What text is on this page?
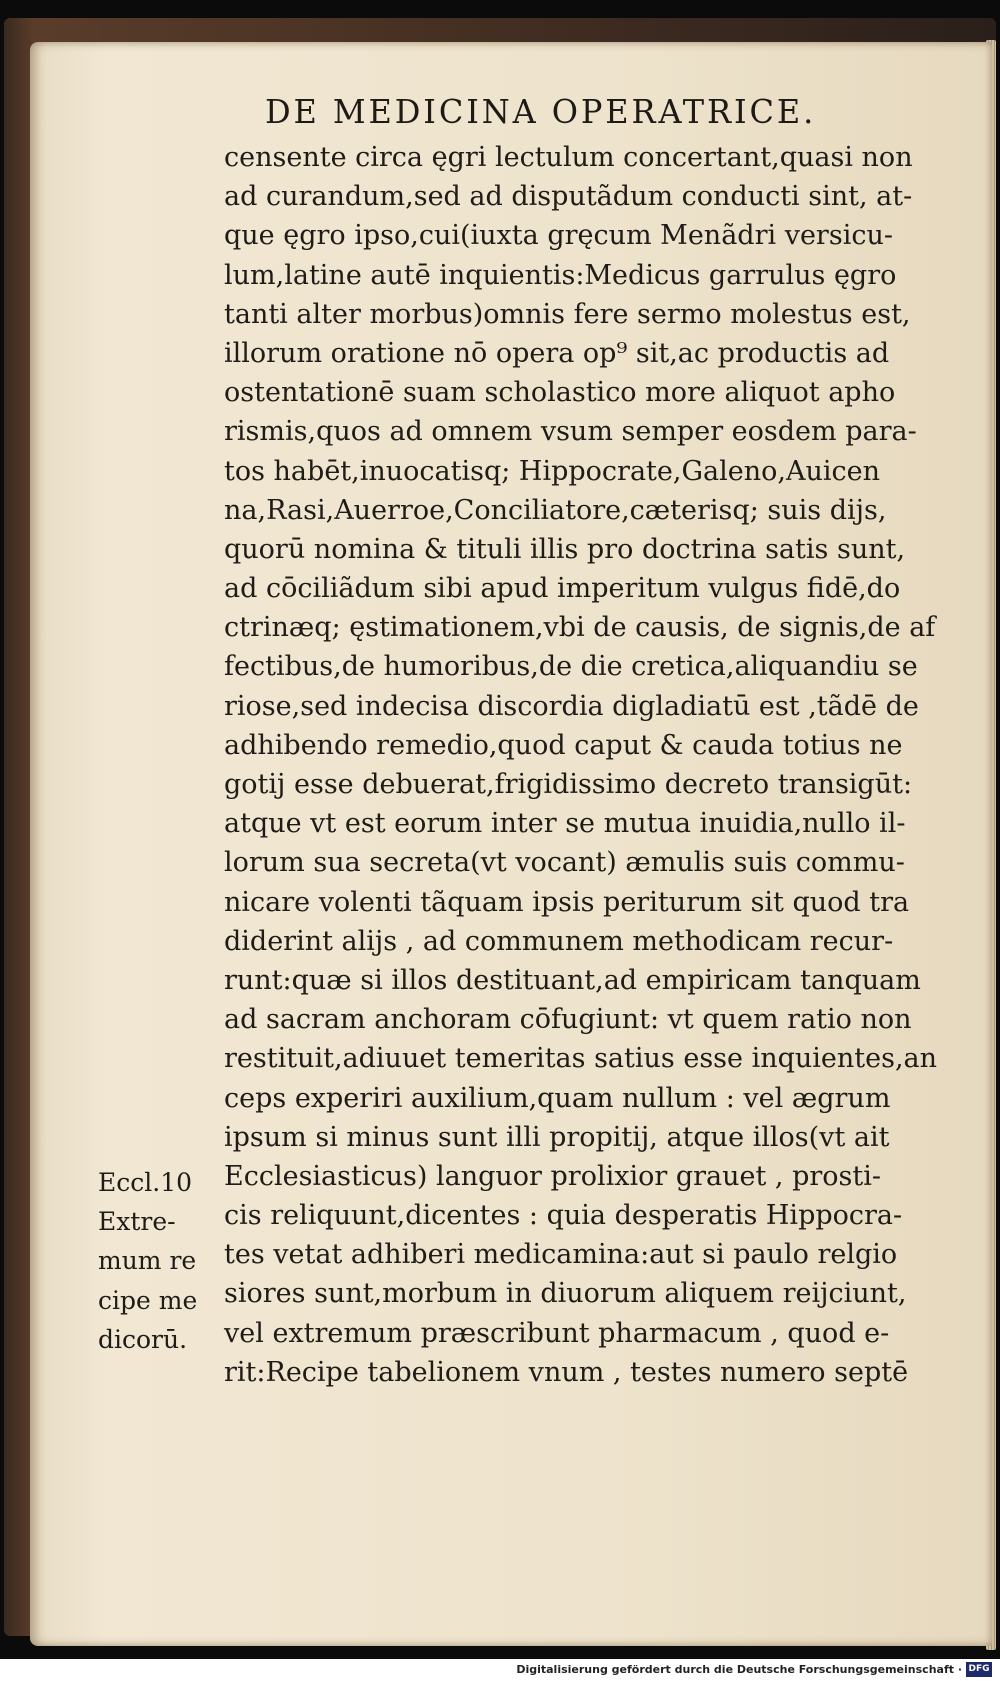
DE MEDICINA OPERATRICE.
censente circa ęgri lectulum concertant,quasi non
ad curandum,sed ad disputãdum conducti sint, at-
que ęgro ipso,cui(iuxta gręcum Menãdri versicu-
lum,latine autē inquientis:Medicus garrulus ęgro
tanti alter morbus)omnis fere sermo molestus est,
illorum oratione nō opera op⁹ sit,ac productis ad
ostentationē suam scholastico more aliquot apho
rismis,quos ad omnem vsum semper eosdem para-
tos habēt,inuocatisq; Hippocrate,Galeno,Auicen
na,Rasi,Auerroe,Conciliatore,cæterisq; suis dijs,
quorū nomina & tituli illis pro doctrina satis sunt,
ad cōciliãdum sibi apud imperitum vulgus fidē,do
ctrinæq; ęstimationem,vbi de causis, de signis,de af
fectibus,de humoribus,de die cretica,aliquandiu se
riose,sed indecisa discordia digladiatū est ,tãdē de
adhibendo remedio,quod caput & cauda totius ne
gotij esse debuerat,frigidissimo decreto transigūt:
atque vt est eorum inter se mutua inuidia,nullo il-
lorum sua secreta(vt vocant) æmulis suis commu-
nicare volenti tãquam ipsis periturum sit quod tra
diderint alijs , ad communem methodicam recur-
runt:quæ si illos destituant,ad empiricam tanquam
ad sacram anchoram cōfugiunt: vt quem ratio non
restituit,adiuuet temeritas satius esse inquientes,an
ceps experiri auxilium,quam nullum : vel ægrum
ipsum si minus sunt illi propitij, atque illos(vt ait
Ecclesiasticus) languor prolixior grauet , prosti-
cis reliquunt,dicentes : quia desperatis Hippocra-
tes vetat adhiberi medicamina:aut si paulo relgio
siores sunt,morbum in diuorum aliquem reijciunt,
vel extremum præscribunt pharmacum , quod e-
rit:Recipe tabelionem vnum , testes numero septē
Eccl.10
Extre-
mum re
cipe me
dicorū.
Digitalisierung gefördert durch die Deutsche Forschungsgemeinschaft · DFG
